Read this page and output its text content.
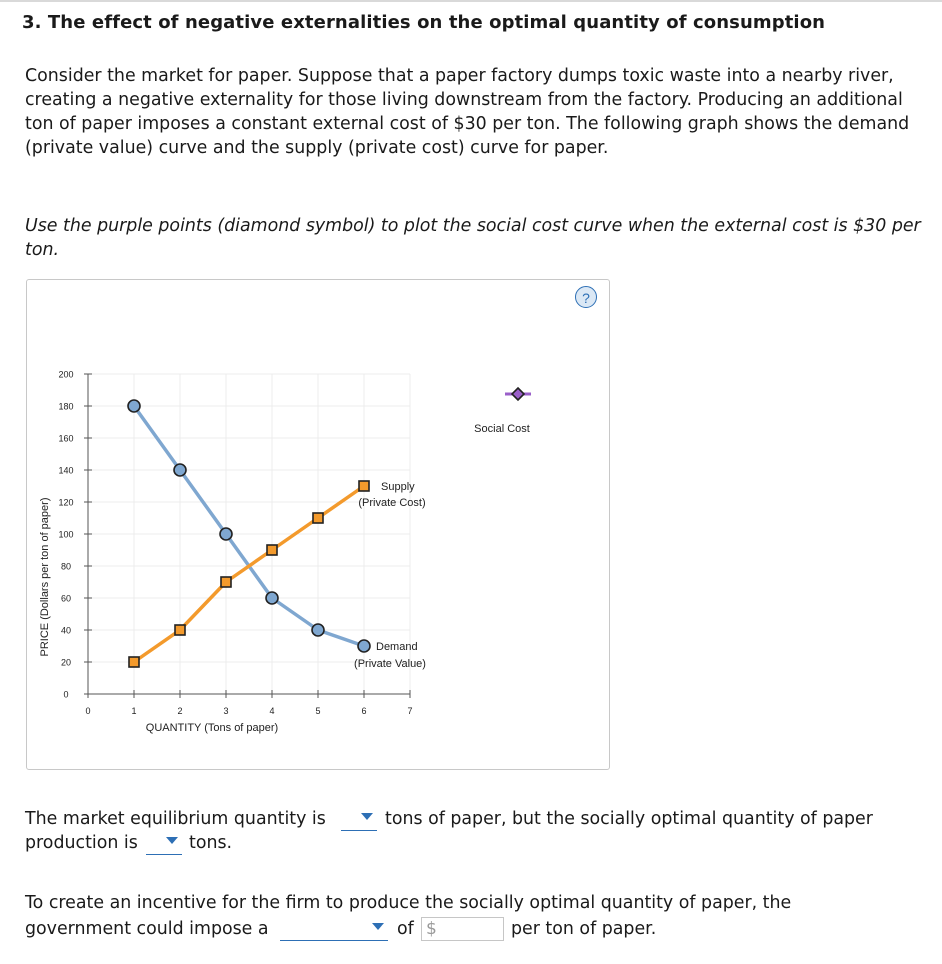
3. The effect of negative externalities on the optimal quantity of consumption
Consider the market for paper. Suppose that a paper factory dumps toxic waste into a nearby river, creating a negative externality for those living downstream from the factory. Producing an additional ton of paper imposes a constant external cost of $30 per ton. The following graph shows the demand (private value) curve and the supply (private cost) curve for paper.
Use the purple points (diamond symbol) to plot the social cost curve when the external cost is $30 per ton.
?
0
20
40
60
80
100
120
140
160
180
200
0	1	2	3	4	5	6	7
QUANTITY (Tons of paper)
PRICE (Dollars per ton of paper)
Supply
(Private Cost)
Demand
(Private Value)
Social Cost
The market equilibrium quantity is	tons of paper, but the socially optimal quantity of paper
production is	tons.
To create an incentive for the firm to produce the socially optimal quantity of paper, the
government could impose a	of $	per ton of paper.
